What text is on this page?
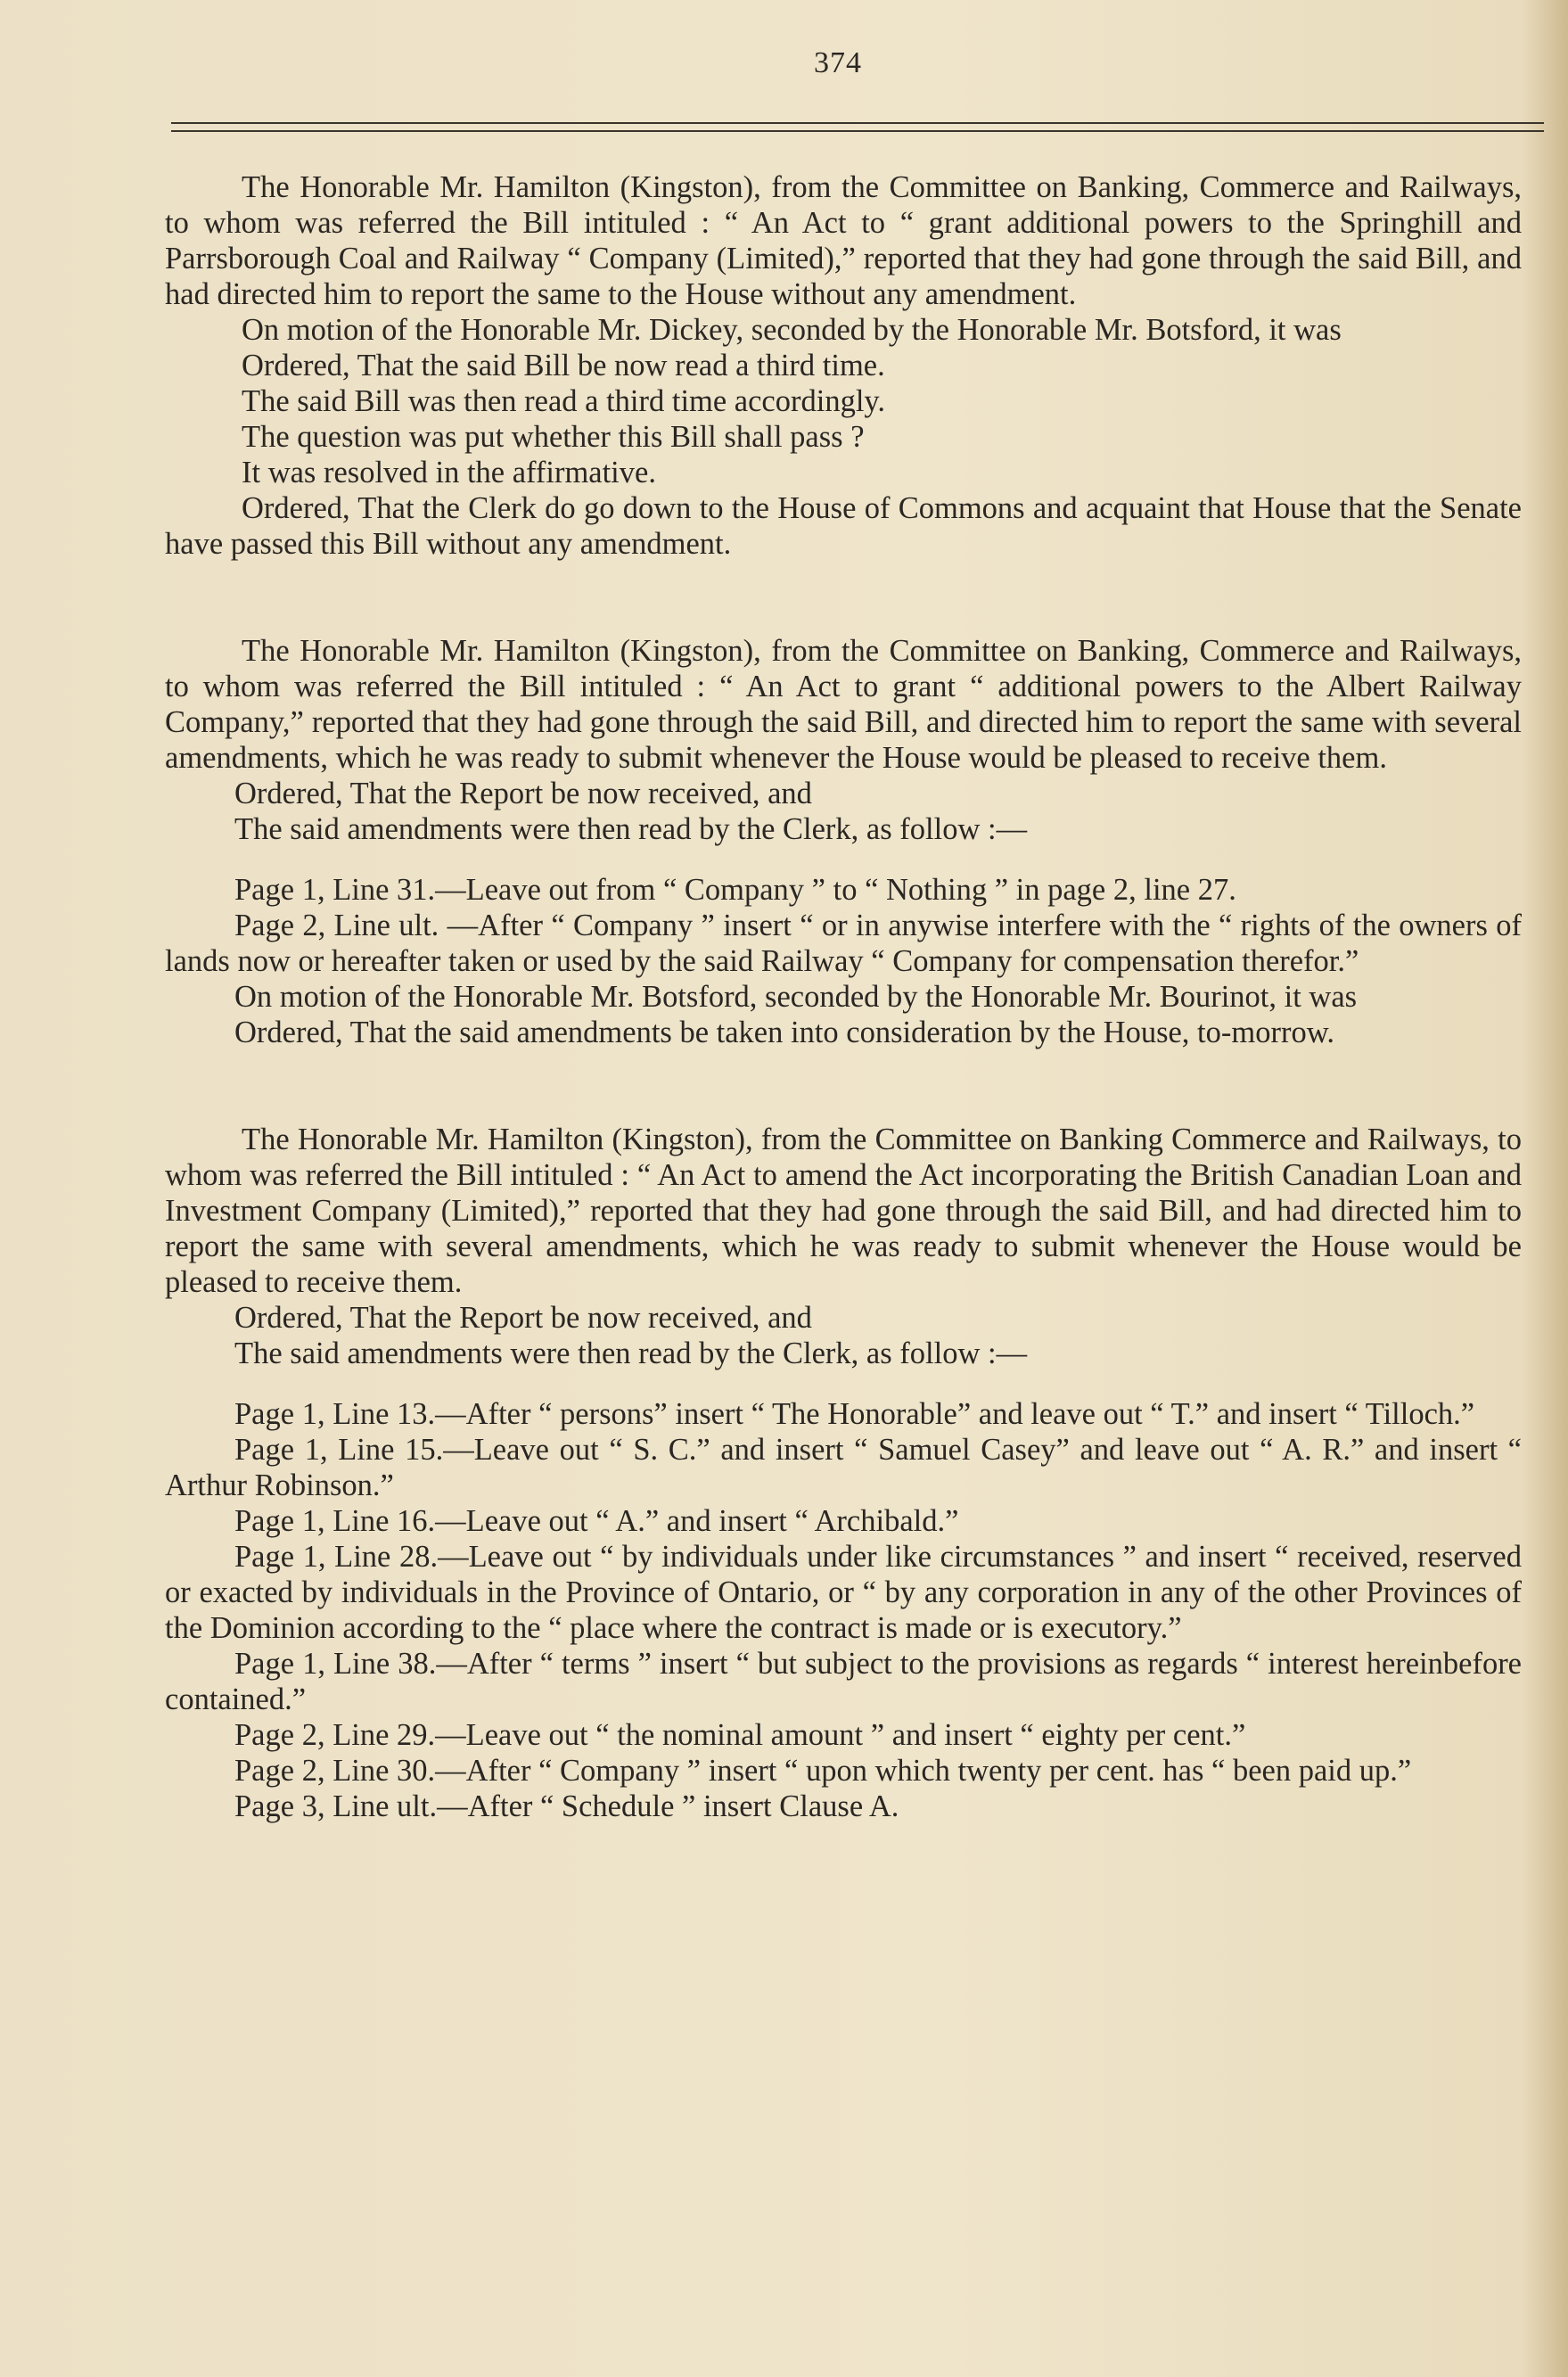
374

The Honorable Mr. Hamilton (Kingston), from the Committee on Banking, Commerce and Railways, to whom was referred the Bill intituled : “ An Act to “ grant additional powers to the Springhill and Parrsborough Coal and Railway “ Company (Limited),” reported that they had gone through the said Bill, and had directed him to report the same to the House without any amendment.

On motion of the Honorable Mr. Dickey, seconded by the Honorable Mr. Botsford, it was

Ordered, That the said Bill be now read a third time.

The said Bill was then read a third time accordingly.

The question was put whether this Bill shall pass ?

It was resolved in the affirmative.

Ordered, That the Clerk do go down to the House of Commons and acquaint that House that the Senate have passed this Bill without any amendment.

The Honorable Mr. Hamilton (Kingston), from the Committee on Banking, Commerce and Railways, to whom was referred the Bill intituled : “ An Act to grant “ additional powers to the Albert Railway Company,” reported that they had gone through the said Bill, and directed him to report the same with several amendments, which he was ready to submit whenever the House would be pleased to receive them.

Ordered, That the Report be now received, and

The said amendments were then read by the Clerk, as follow :—

Page 1, Line 31.—Leave out from “ Company ” to “ Nothing ” in page 2, line 27.

Page 2, Line ult. —After “ Company ” insert “ or in anywise interfere with the “ rights of the owners of lands now or hereafter taken or used by the said Railway “ Company for compensation therefor.”

On motion of the Honorable Mr. Botsford, seconded by the Honorable Mr. Bourinot, it was

Ordered, That the said amendments be taken into consideration by the House, to-morrow.

The Honorable Mr. Hamilton (Kingston), from the Committee on Banking Commerce and Railways, to whom was referred the Bill intituled : “ An Act to amend the Act incorporating the British Canadian Loan and Investment Company (Limited),” reported that they had gone through the said Bill, and had directed him to report the same with several amendments, which he was ready to submit whenever the House would be pleased to receive them.

Ordered, That the Report be now received, and

The said amendments were then read by the Clerk, as follow :—

Page 1, Line 13.—After “ persons” insert “ The Honorable” and leave out “ T.” and insert “ Tilloch.”

Page 1, Line 15.—Leave out “ S. C.” and insert “ Samuel Casey” and leave out “ A. R.” and insert “ Arthur Robinson.”

Page 1, Line 16.—Leave out “ A.” and insert “ Archibald.”

Page 1, Line 28.—Leave out “ by individuals under like circumstances ” and insert “ received, reserved or exacted by individuals in the Province of Ontario, or “ by any corporation in any of the other Provinces of the Dominion according to the “ place where the contract is made or is executory.”

Page 1, Line 38.—After “ terms ” insert “ but subject to the provisions as regards “ interest hereinbefore contained.”

Page 2, Line 29.—Leave out “ the nominal amount ” and insert “ eighty per cent.”

Page 2, Line 30.—After “ Company ” insert “ upon which twenty per cent. has “ been paid up.”

Page 3, Line ult.—After “ Schedule ” insert Clause A.
